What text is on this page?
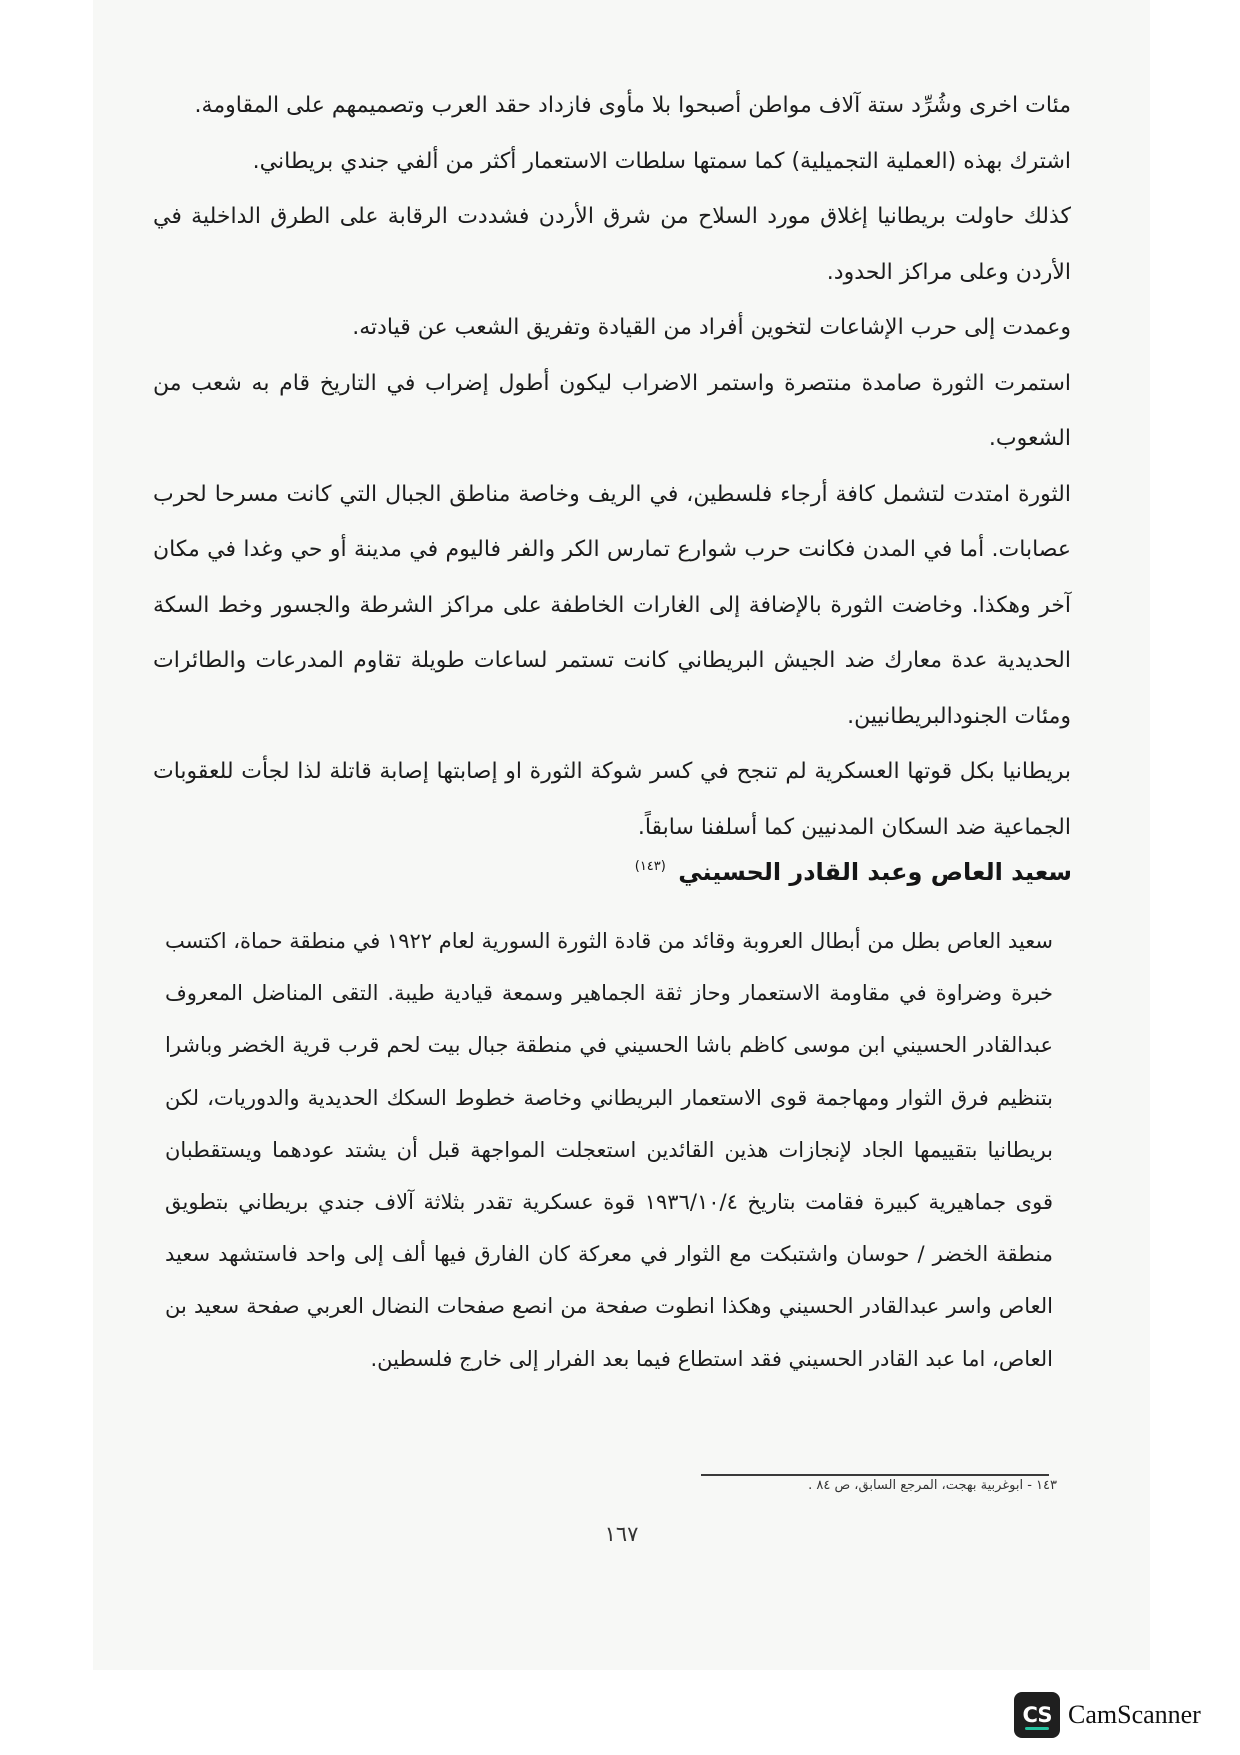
مئات اخرى وشُرِّد ستة آلاف مواطن أصبحوا بلا مأوى فازداد حقد العرب وتصميمهم على المقاومة.

اشترك بهذه (العملية التجميلية) كما سمتها سلطات الاستعمار أكثر من ألفي جندي بريطاني.

كذلك حاولت بريطانيا إغلاق مورد السلاح من شرق الأردن فشددت الرقابة على الطرق الداخلية في الأردن وعلى مراكز الحدود.

وعمدت إلى حرب الإشاعات لتخوين أفراد من القيادة وتفريق الشعب عن قيادته.

استمرت الثورة صامدة منتصرة واستمر الاضراب ليكون أطول إضراب في التاريخ قام به شعب من الشعوب.

الثورة امتدت لتشمل كافة أرجاء فلسطين، في الريف وخاصة مناطق الجبال التي كانت مسرحا لحرب عصابات. أما في المدن فكانت حرب شوارع تمارس الكر والفر فاليوم في مدينة أو حي وغدا في مكان آخر وهكذا. وخاضت الثورة بالإضافة إلى الغارات الخاطفة على مراكز الشرطة والجسور وخط السكة الحديدية عدة معارك ضد الجيش البريطاني كانت تستمر لساعات طويلة تقاوم المدرعات والطائرات ومئات الجنودالبريطانيين.

بريطانيا بكل قوتها العسكرية لم تنجح في كسر شوكة الثورة او إصابتها إصابة قاتلة لذا لجأت للعقوبات الجماعية ضد السكان المدنيين كما أسلفنا سابقاً.

سعيد العاص وعبد القادر الحسيني $^{(١٤٣)}$

سعيد العاص بطل من أبطال العروبة وقائد من قادة الثورة السورية لعام ١٩٢٢ في منطقة حماة، اكتسب خبرة وضراوة في مقاومة الاستعمار وحاز ثقة الجماهير وسمعة قيادية طيبة. التقى المناضل المعروف عبدالقادر الحسيني ابن موسى كاظم باشا الحسيني في منطقة جبال بيت لحم قرب قرية الخضر وباشرا بتنظيم فرق الثوار ومهاجمة قوى الاستعمار البريطاني وخاصة خطوط السكك الحديدية والدوريات، لكن بريطانيا بتقييمها الجاد لإنجازات هذين القائدين استعجلت المواجهة قبل أن يشتد عودهما ويستقطبان قوى جماهيرية كبيرة فقامت بتاريخ ١٩٣٦/١٠/٤ قوة عسكرية تقدر بثلاثة آلاف جندي بريطاني بتطويق منطقة الخضر / حوسان واشتبكت مع الثوار في معركة كان الفارق فيها ألف إلى واحد فاستشهد سعيد العاص واسر عبدالقادر الحسيني وهكذا انطوت صفحة من انصع صفحات النضال العربي صفحة سعيد بن العاص، اما عبد القادر الحسيني فقد استطاع فيما بعد الفرار إلى خارج فلسطين.

١٤٣ - ابوغربية بهجت، المرجع السابق، ص ٨٤ .
١٦٧
CS CamScanner
